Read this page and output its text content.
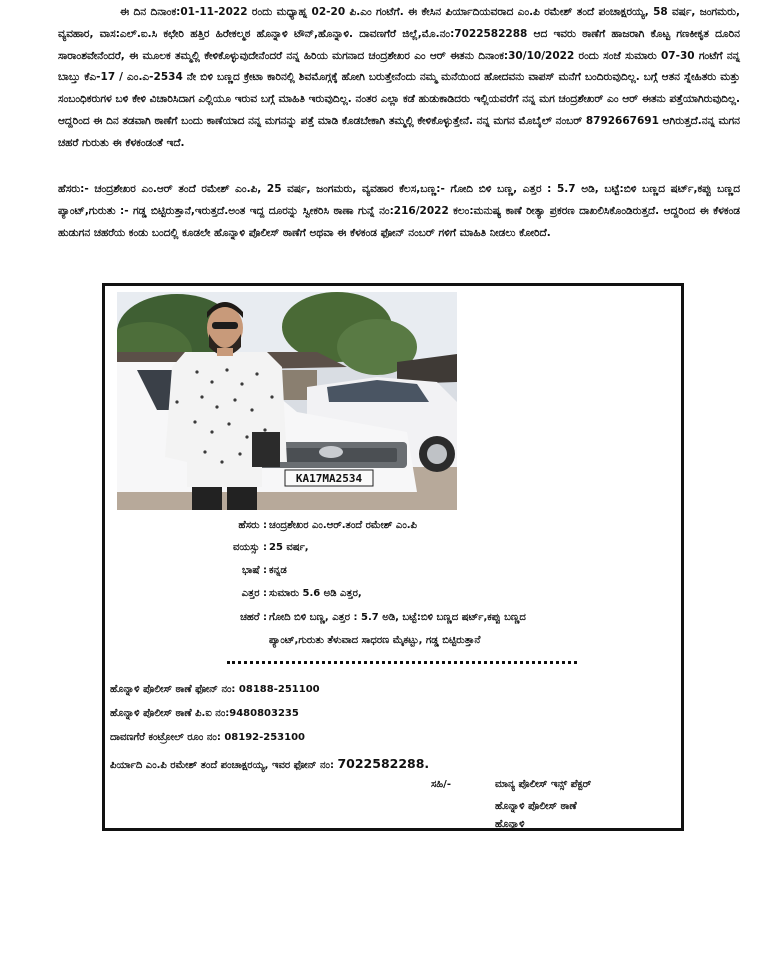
ಈ ದಿನ ದಿನಾಂಕ:01-11-2022 ರಂದು ಮಧ್ಯಾಹ್ನ 02-20 ಪಿ.ಎಂ ಗಂಟೆಗೆ. ಈ ಕೇಸಿನ ಪಿರ್ಯಾದಿಯವರಾದ ಎಂ.ಪಿ ರಮೇಶ್ ತಂದೆ ಪಂಚಾಕ್ಷರಯ್ಯ, 58 ವರ್ಷ, ಜಂಗಮರು, ವ್ಯವಹಾರ, ವಾಸ:ಎಲ್.ಐ.ಸಿ ಕಛೇರಿ ಹತ್ತಿರ ಹಿರೇಕಲ್ಮಠ ಹೊನ್ನಾಳಿ ಟೌನ್,ಹೊನ್ನಾಳಿ. ದಾವಣಗೆರೆ ಜಿಲ್ಲೆ,ಮೊ.ನಂ:7022582288 ಆದ ಇವರು ಠಾಣೆಗೆ ಹಾಜರಾಗಿ ಕೊಟ್ಟ ಗಣಕೀಕೃತ ದೂರಿನ ಸಾರಾಂಶವೇನೆಂದರೆ, ಈ ಮೂಲಕ ತಮ್ಮಲ್ಲಿ ಕೇಳಿಕೊಳ್ಳುವುದೇನೆಂದರೆ ನನ್ನ ಹಿರಿಯ ಮಗನಾದ ಚಂದ್ರಶೇಖರ ಎಂ ಆರ್ ಈತನು ದಿನಾಂಕ:30/10/2022 ರಂದು ಸಂಜೆ ಸುಮಾರು 07-30 ಗಂಟೆಗೆ ನನ್ನ ಬಾಬ್ತು ಕೆಎ-17 / ಎಂ.ಎ-2534 ನೇ ಬಿಳಿ ಬಣ್ಣದ ಕ್ರೇಟಾ ಕಾರಿನಲ್ಲಿ ಶಿವಮೊಗ್ಗಕ್ಕೆ ಹೋಗಿ ಬರುತ್ತೇನೆಂದು ನಮ್ಮ ಮನೆಯಿಂದ ಹೋದವನು ವಾಪಸ್ ಮನೆಗೆ ಬಂದಿರುವುದಿಲ್ಲ. ಬಗ್ಗೆ ಆತನ ಸ್ನೇಹಿತರು ಮತ್ತು ಸಂಬಂಧಿಕರುಗಳ ಬಳಿ ಕೇಳಿ ವಿಚಾರಿಸಿದಾಗ ಎಲ್ಲಿಯೂ ಇರುವ ಬಗ್ಗೆ ಮಾಹಿತಿ ಇರುವುದಿಲ್ಲ. ನಂತರ ಎಲ್ಲಾ ಕಡೆ ಹುಡುಕಾಡಿದರು ಇಲ್ಲಿಯವರೆಗೆ ನನ್ನ ಮಗ ಚಂದ್ರಶೇಖರ್ ಎಂ ಆರ್ ಈತನು ಪತ್ತೆಯಾಗಿರುವುದಿಲ್ಲ. ಆದ್ದರಿಂದ ಈ ದಿನ ತಡವಾಗಿ ಠಾಣೆಗೆ ಬಂದು ಕಾಣೆಯಾದ ನನ್ನ ಮಗನನ್ನು ಪತ್ತೆ ಮಾಡಿ ಕೊಡಬೇಕಾಗಿ ತಮ್ಮಲ್ಲಿ ಕೇಳಿಕೊಳ್ಳುತ್ತೇನೆ. ನನ್ನ ಮಗನ ಮೊಬೈಲ್ ನಂಬರ್ 8792667691 ಆಗಿರುತ್ತದೆ.ನನ್ನ ಮಗನ ಚಹರೆ ಗುರುತು ಈ ಕೆಳಕಂಡಂತೆ ಇದೆ.
ಹೆಸರು:- ಚಂದ್ರಶೇಖರ ಎಂ.ಆರ್ ತಂದೆ ರಮೇಶ್ ಎಂ.ಪಿ, 25 ವರ್ಷ, ಜಂಗಮರು, ವ್ಯವಹಾರ ಕೆಲಸ,ಬಣ್ಣ:- ಗೋದಿ ಬಿಳಿ ಬಣ್ಣ, ಎತ್ತರ : 5.7 ಅಡಿ, ಬಟ್ಟೆ:ಬಿಳಿ ಬಣ್ಣದ ಷರ್ಟ್,ಕಪ್ಪು ಬಣ್ಣದ ಪ್ಯಾಂಟ್,ಗುರುತು :- ಗಡ್ಡ ಬಿಟ್ಟಿರುತ್ತಾನೆ,ಇರುತ್ತದೆ.ಅಂತ ಇದ್ದ ದೂರನ್ನು ಸ್ವೀಕರಿಸಿ ಠಾಣಾ ಗುನ್ನೆ ನಂ:216/2022 ಕಲಂ:ಮನುಷ್ಯ ಕಾಣೆ ರೀತ್ಯಾ ಪ್ರಕರಣ ದಾಖಲಿಸಿಕೊಂಡಿರುತ್ತದೆ. ಆದ್ದರಿಂದ ಈ ಕೆಳಕಂಡ ಹುಡುಗನ ಚಹರೆಯ ಕಂಡು ಬಂದಲ್ಲಿ ಕೂಡಲೇ ಹೊನ್ನಾಳಿ ಪೊಲೀಸ್ ಠಾಣೆಗೆ ಅಥವಾ ಈ ಕೆಳಕಂಡ ಫೋನ್ ನಂಬರ್ ಗಳಿಗೆ ಮಾಹಿತಿ ನೀಡಲು ಕೋರಿದೆ.
KA17MA2534
ಹೆಸರು : ಚಂದ್ರಶೇಖರ ಎಂ.ಆರ್.ತಂದೆ ರಮೇಶ್ ಎಂ.ಪಿ
ವಯಸ್ಸು : 25 ವರ್ಷ,
ಭಾಷೆ : ಕನ್ನಡ
ಎತ್ತರ : ಸುಮಾರು 5.6 ಅಡಿ ಎತ್ತರ,
ಚಹರೆ : ಗೋದಿ ಬಿಳಿ ಬಣ್ಣ, ಎತ್ತರ : 5.7 ಅಡಿ, ಬಟ್ಟೆ:ಬಿಳಿ ಬಣ್ಣದ ಷರ್ಟ್,ಕಪ್ಪು ಬಣ್ಣದ
ಪ್ಯಾಂಟ್,ಗುರುತು ತೆಳುವಾದ ಸಾಧರಣ ಮೈಕಟ್ಟು, ಗಡ್ಡ ಬಿಟ್ಟಿರುತ್ತಾನೆ
ಹೊನ್ನಾಳಿ ಪೊಲೀಸ್ ಠಾಣೆ ಫೋನ್ ನಂ: 08188-251100
ಹೊನ್ನಾಳಿ ಪೊಲೀಸ್ ಠಾಣೆ ಪಿ.ಐ ನಂ:9480803235
ದಾವಣಗೆರೆ ಕಂಟ್ರೋಲ್ ರೂಂ ನಂ: 08192-253100
ಪಿರ್ಯಾದಿ ಎಂ.ಪಿ ರಮೇಶ್ ತಂದೆ ಪಂಚಾಕ್ಷರಯ್ಯ, ಇವರ ಫೋನ್ ನಂ: 7022582288.
ಸಹಿ/-	ಮಾನ್ಯ ಪೊಲೀಸ್ ಇನ್ಸ್ ಪೆಕ್ಟರ್
ಹೊನ್ನಾಳಿ ಪೊಲೀಸ್ ಠಾಣೆ
ಹೊನ್ನಾಳಿ
